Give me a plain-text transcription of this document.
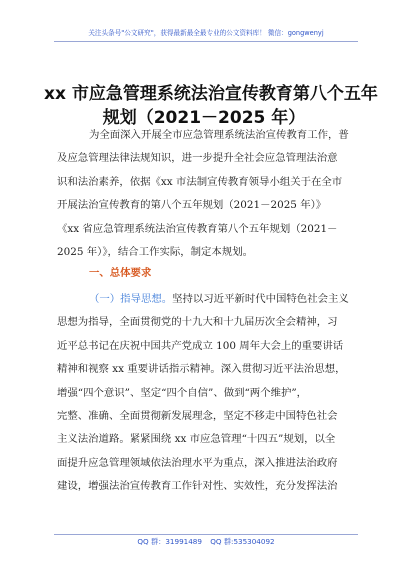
关注头条号"公文研究"，获得最新最全最专业的公文资料库！ 微信：gongwenyj
xx 市应急管理系统法治宣传教育第八个五年
规划（2021－2025 年）
为全面深入开展全市应急管理系统法治宣传教育工作，普
及应急管理法律法规知识，进一步提升全社会应急管理法治意
识和法治素养，依据《xx 市法制宣传教育领导小组关于在全市
开展法治宣传教育的第八个五年规划（2021－2025 年）》
《xx 省应急管理系统法治宣传教育第八个五年规划（2021－
2025 年）》，结合工作实际，制定本规划。
一、总体要求
（一）指导思想。坚持以习近平新时代中国特色社会主义
思想为指导，全面贯彻党的十九大和十九届历次全会精神，习
近平总书记在庆祝中国共产党成立 100 周年大会上的重要讲话
精神和视察 xx 重要讲话指示精神。深入贯彻习近平法治思想，
增强“四个意识”、坚定“四个自信”、做到“两个维护”，
完整、准确、全面贯彻新发展理念，坚定不移走中国特色社会
主义法治道路。紧紧围绕 xx 市应急管理“十四五”规划，以全
面提升应急管理领域依法治理水平为重点，深入推进法治政府
建设，增强法治宣传教育工作针对性、实效性，充分发挥法治
QQ 群：31991489 QQ 群:535304092
